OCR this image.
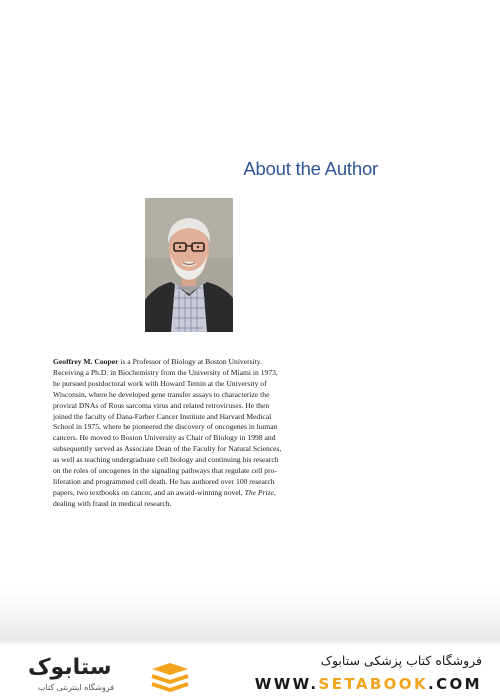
About the Author
Geoffrey M. Cooper is a Professor of Biology at Boston University.
Receiving a Ph.D. in Biochemistry from the University of Miami in 1973,
he pursued postdoctoral work with Howard Temin at the University of
Wisconsin, where he developed gene transfer assays to characterize the
proviral DNAs of Rous sarcoma virus and related retroviruses. He then
joined the faculty of Dana-Farber Cancer Institute and Harvard Medical
School in 1975, where he pioneered the discovery of oncogenes in human
cancers. He moved to Boston University as Chair of Biology in 1998 and
subsequently served as Associate Dean of the Faculty for Natural Sciences,
as well as teaching undergraduate cell biology and continuing his research
on the roles of oncogenes in the signaling pathways that regulate cell pro-
liferation and programmed cell death. He has authored over 100 research
papers, two textbooks on cancer, and an award-winning novel, The Prize,
dealing with fraud in medical research.
ستابوک
فروشگاه اینترنتی کتاب
فروشگاه کتاب پزشکی ستابوک
WWW.SETABOOK.COM
